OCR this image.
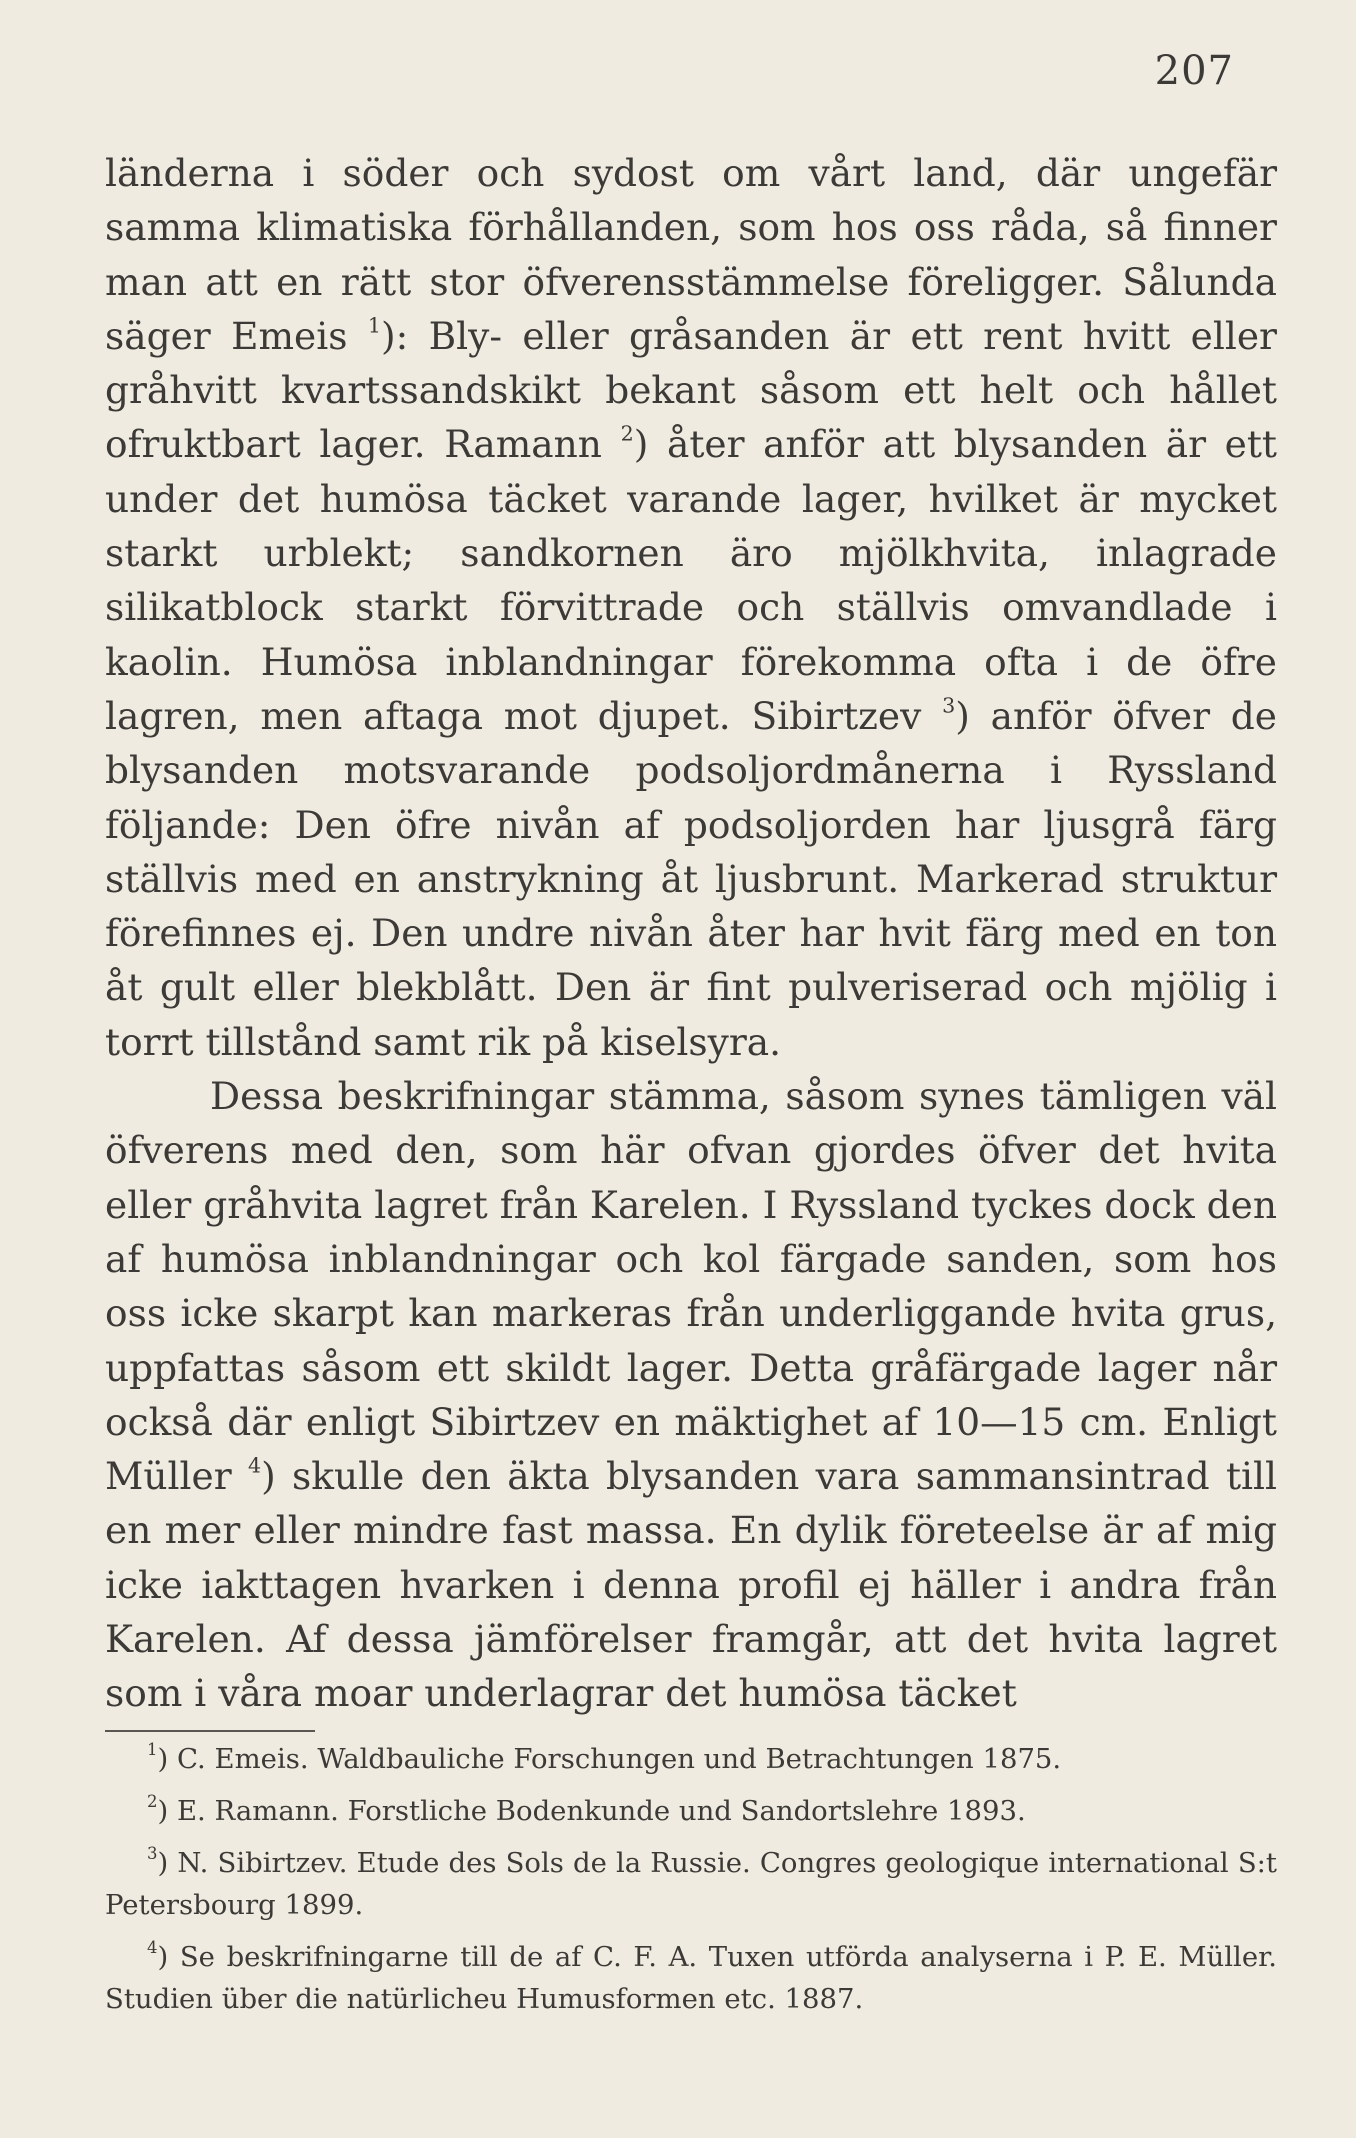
207

länderna i söder och sydost om vårt land, där ungefär samma klimatiska förhållanden, som hos oss råda, så finner man att en rätt stor öfverensstämmelse föreligger. Sålunda säger Emeis $^1$): Bly- eller gråsanden är ett rent hvitt eller gråhvitt kvartssandskikt bekant såsom ett helt och hållet ofruktbart lager. Ramann $^2$) åter anför att blysanden är ett under det humösa täcket varande lager, hvilket är mycket starkt urblekt; sandkornen äro mjölkhvita, inlagrade silikatblock starkt förvittrade och ställvis omvandlade i kaolin. Humösa inblandningar förekomma ofta i de öfre lagren, men aftaga mot djupet. Sibirtzev $^3$) anför öfver de blysanden motsvarande podsoljordmånerna i Ryssland följande: Den öfre nivån af podsoljorden har ljusgrå färg ställvis med en anstrykning åt ljusbrunt. Markerad struktur förefinnes ej. Den undre nivån åter har hvit färg med en ton åt gult eller blekblått. Den är fint pulveriserad och mjölig i torrt tillstånd samt rik på kiselsyra.

Dessa beskrifningar stämma, såsom synes tämligen väl öfverens med den, som här ofvan gjordes öfver det hvita eller gråhvita lagret från Karelen. I Ryssland tyckes dock den af humösa inblandningar och kol färgade sanden, som hos oss icke skarpt kan markeras från underliggande hvita grus, uppfattas såsom ett skildt lager. Detta gråfärgade lager når också där enligt Sibirtzev en mäktighet af 10—15 cm. Enligt Müller $^4$) skulle den äkta blysanden vara sammansintrad till en mer eller mindre fast massa. En dylik företeelse är af mig icke iakttagen hvarken i denna profil ej häller i andra från Karelen. Af dessa jämförelser framgår, att det hvita lagret som i våra moar underlagrar det humösa täcket

$^1$) C. Emeis. Waldbauliche Forschungen und Betrachtungen 1875.

$^2$) E. Ramann. Forstliche Bodenkunde und Sandortslehre 1893.

$^3$) N. Sibirtzev. Etude des Sols de la Russie. Congres geologique international S:t Petersbourg 1899.

$^4$) Se beskrifningarne till de af C. F. A. Tuxen utförda analyserna i P. E. Müller. Studien über die natürlicheu Humusformen etc. 1887.
